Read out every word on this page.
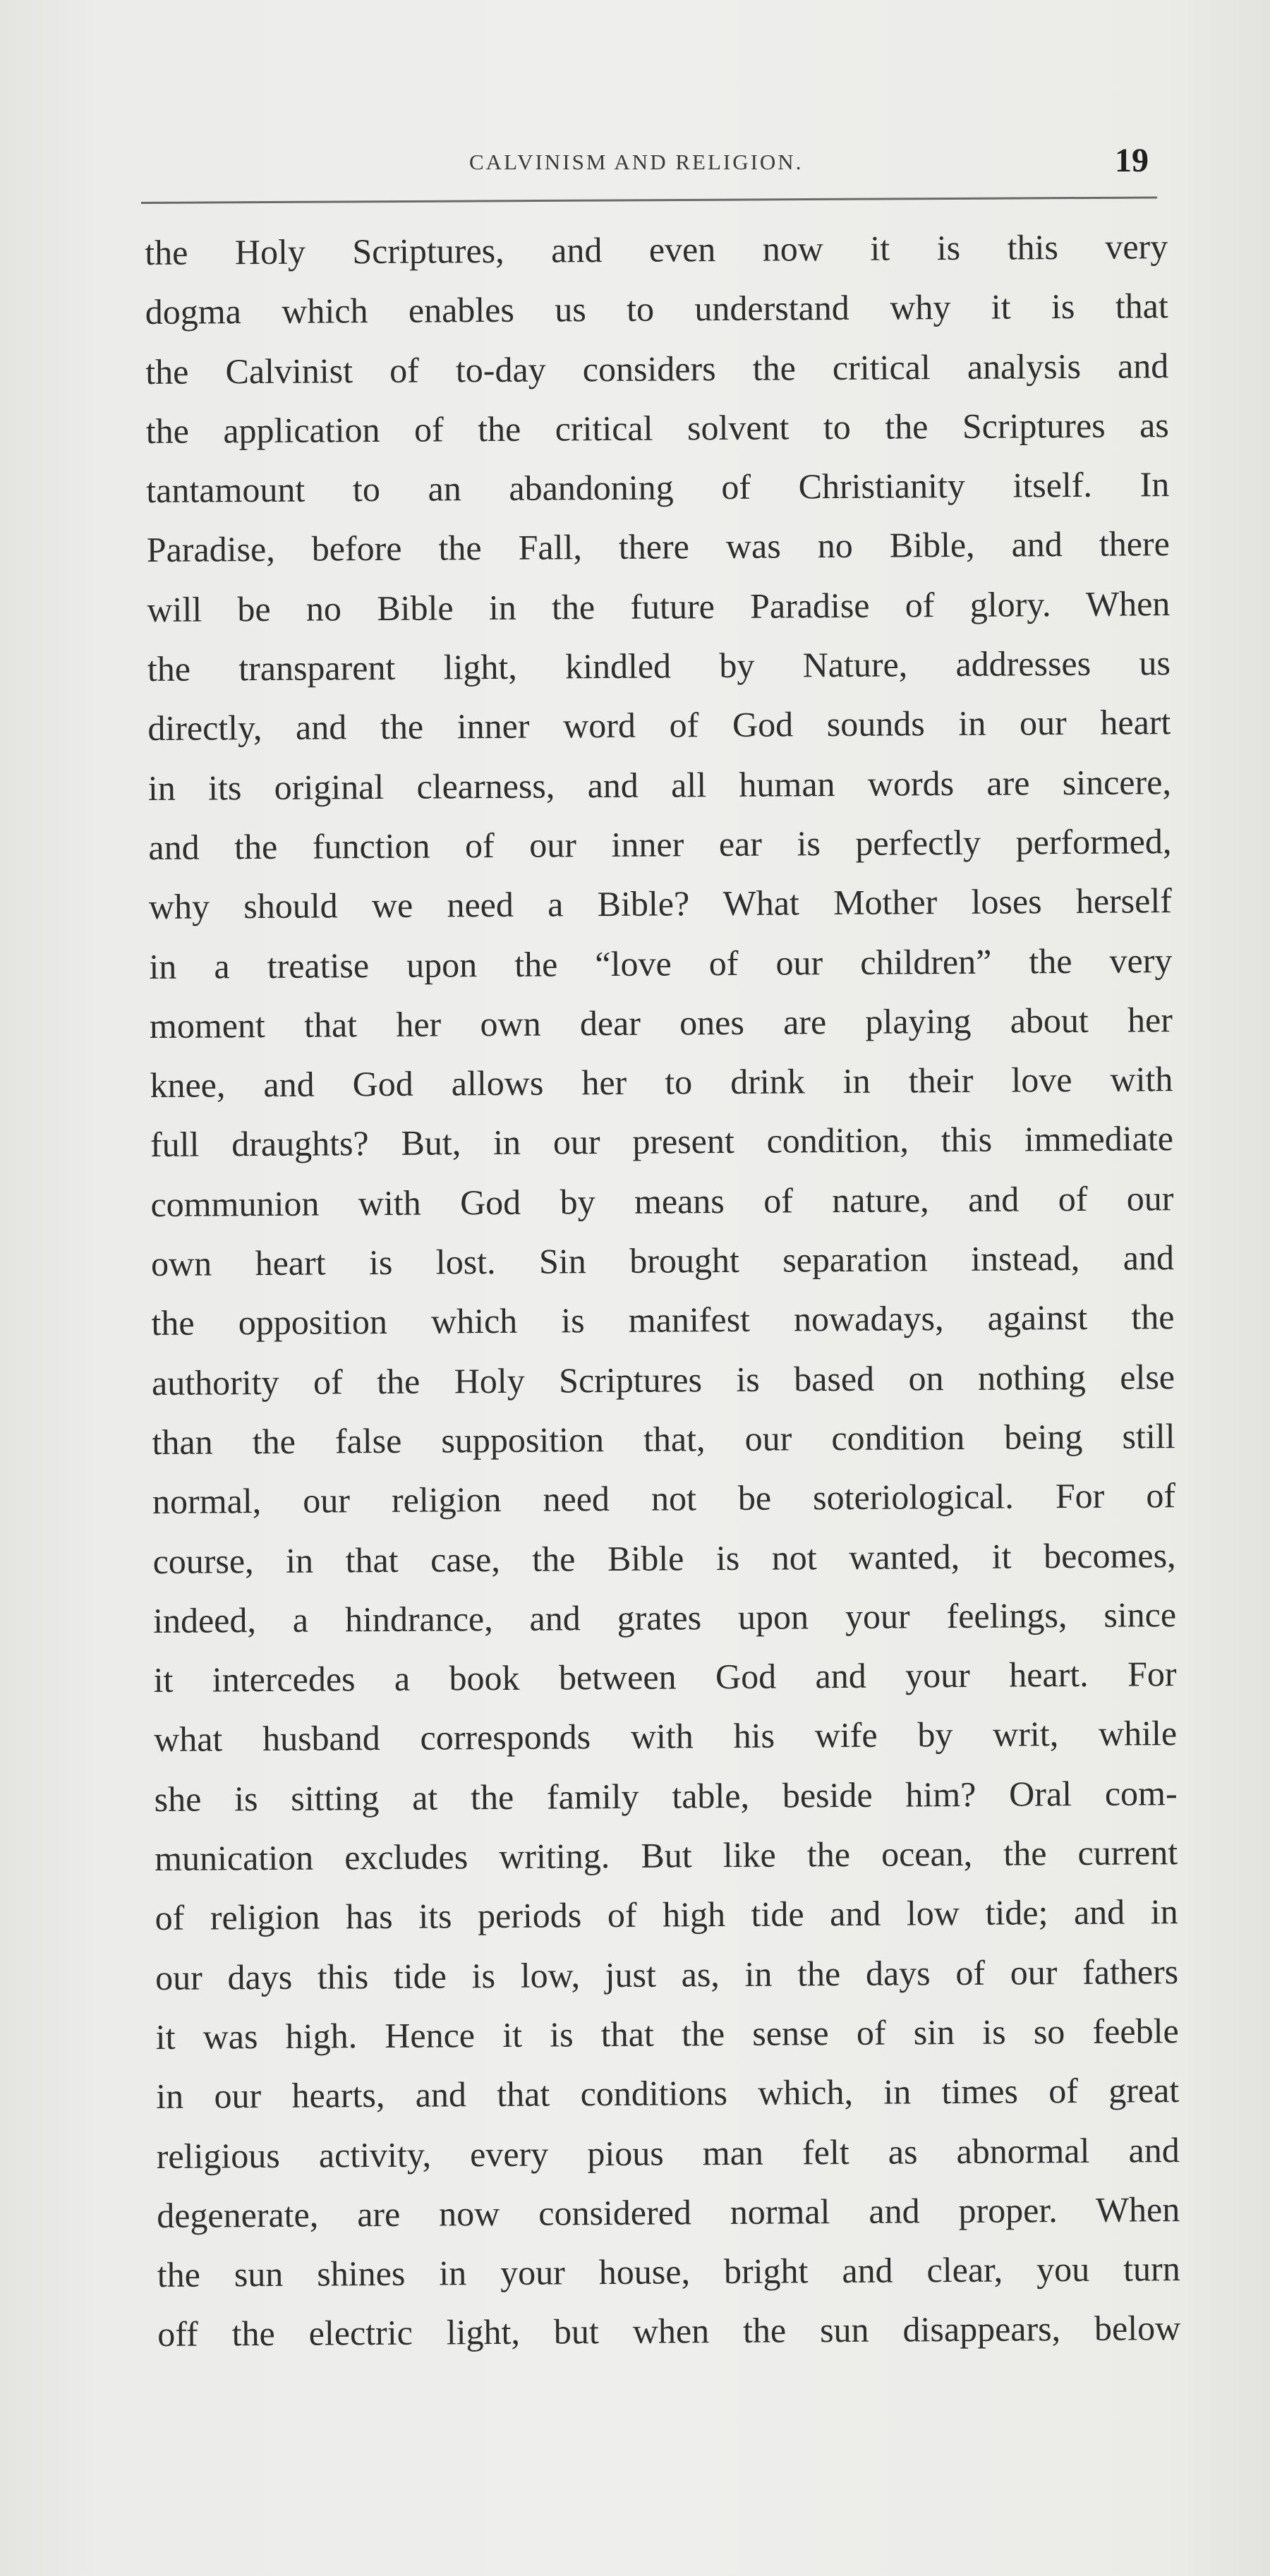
CALVINISM AND RELIGION.	19
the Holy Scriptures, and even now it is this very
dogma which enables us to understand why it is that
the Calvinist of to-day considers the critical analysis and
the application of the critical solvent to the Scriptures as
tantamount to an abandoning of Christianity itself. In
Paradise, before the Fall, there was no Bible, and there
will be no Bible in the future Paradise of glory. When
the transparent light, kindled by Nature, addresses us
directly, and the inner word of God sounds in our heart
in its original clearness, and all human words are sincere,
and the function of our inner ear is perfectly performed,
why should we need a Bible? What Mother loses herself
in a treatise upon the “love of our children” the very
moment that her own dear ones are playing about her
knee, and God allows her to drink in their love with
full draughts? But, in our present condition, this immediate
communion with God by means of nature, and of our
own heart is lost. Sin brought separation instead, and
the opposition which is manifest nowadays, against the
authority of the Holy Scriptures is based on nothing else
than the false supposition that, our condition being still
normal, our religion need not be soteriological. For of
course, in that case, the Bible is not wanted, it becomes,
indeed, a hindrance, and grates upon your feelings, since
it intercedes a book between God and your heart. For
what husband corresponds with his wife by writ, while
she is sitting at the family table, beside him? Oral com-
munication excludes writing. But like the ocean, the current
of religion has its periods of high tide and low tide; and in
our days this tide is low, just as, in the days of our fathers
it was high. Hence it is that the sense of sin is so feeble
in our hearts, and that conditions which, in times of great
religious activity, every pious man felt as abnormal and
degenerate, are now considered normal and proper. When
the sun shines in your house, bright and clear, you turn
off the electric light, but when the sun disappears, below
